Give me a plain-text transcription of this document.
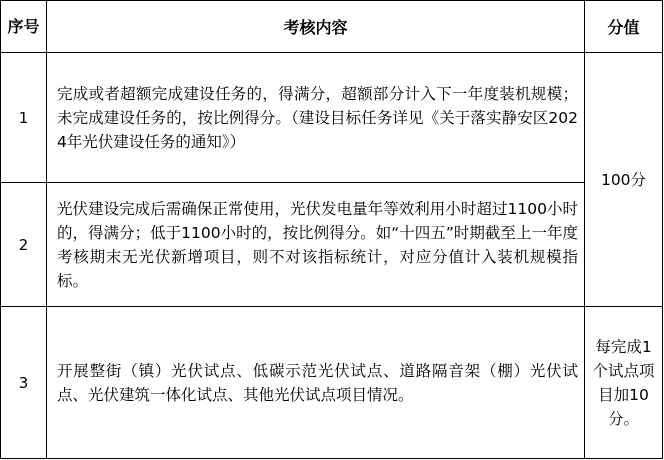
序号	考核内容	分值
1	完成或者超额完成建设任务的，得满分，超额部分计入下一年度装机规模；未完成建设任务的，按比例得分。（建设目标任务详见《关于落实静安区2024年光伏建设任务的通知》）	100分
2	光伏建设完成后需确保正常使用，光伏发电量年等效利用小时超过1100小时的，得满分；低于1100小时的，按比例得分。如“十四五”时期截至上一年度考核期末无光伏新增项目，则不对该指标统计，对应分值计入装机规模指标。	
3	开展整街（镇）光伏试点、低碳示范光伏试点、道路隔音架（棚）光伏试点、光伏建筑一体化试点、其他光伏试点项目情况。	每完成1个试点项目加10分。
